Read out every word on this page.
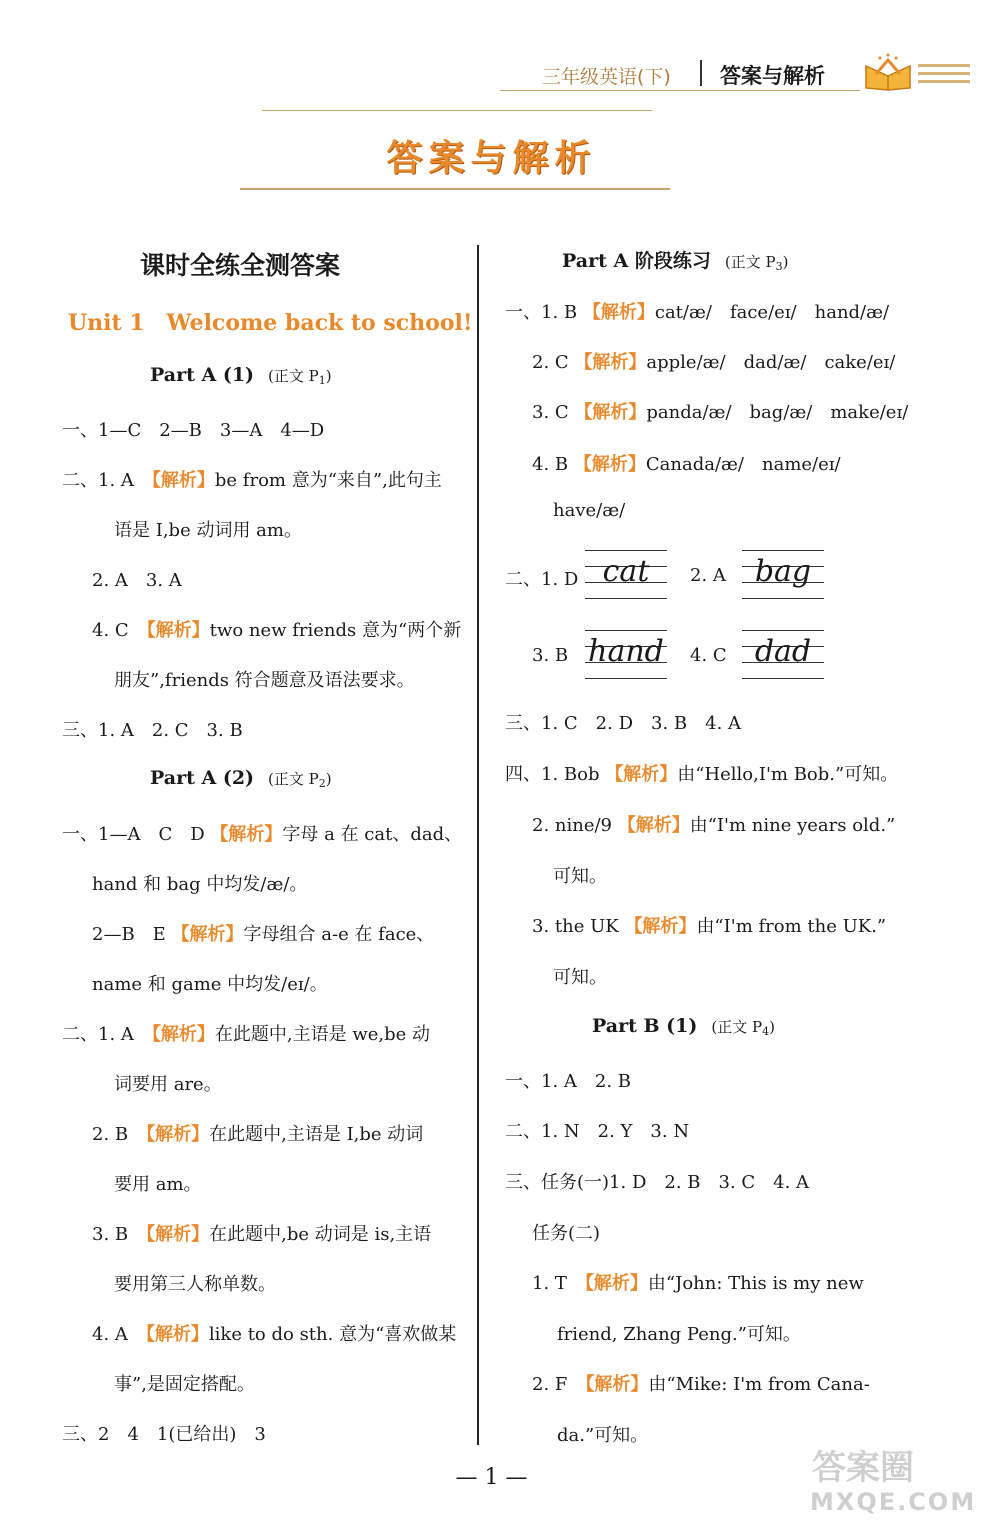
三年级英语(下) 答案与解析
答案与解析
课时全练全测答案
Unit 1　Welcome back to school!
Part A (1) (正文 $P_1$)
一、1—C　2—B　3—A　4—D
二、1. A　【解析】be from 意为“来自”,此句主
语是 I,be 动词用 am。
2. A　3. A
4. C　【解析】two new friends 意为“两个新
朋友”,friends 符合题意及语法要求。
三、1. A　2. C　3. B
Part A (2) (正文 $P_2$)
一、1—A　C　D 【解析】字母 a 在 cat、dad、
hand 和 bag 中均发/æ/。
2—B　E 【解析】字母组合 a-e 在 face、
name 和 game 中均发/eɪ/。
二、1. A　【解析】在此题中,主语是 we,be 动
词要用 are。
2. B　【解析】在此题中,主语是 I,be 动词
要用 am。
3. B　【解析】在此题中,be 动词是 is,主语
要用第三人称单数。
4. A　【解析】like to do sth. 意为“喜欢做某
事”,是固定搭配。
三、2　4　1(已给出)　3
Part A 阶段练习 (正文 $P_3$)
一、1. B 【解析】cat/æ/　face/eɪ/　hand/æ/
2. C 【解析】apple/æ/　dad/æ/　cake/eɪ/
3. C 【解析】panda/æ/　bag/æ/　make/eɪ/
4. B 【解析】Canada/æ/　name/eɪ/
have/æ/
二、1. D cat	2. A bag
3. B hand 4. C dad
三、1. C　2. D　3. B　4. A
四、1. Bob 【解析】由“Hello,I'm Bob.”可知。
2. nine/9 【解析】由“I'm nine years old.”
可知。
3. the UK 【解析】由“I'm from the UK.”
可知。
Part B (1) (正文 $P_4$)
一、1. A　2. B
二、1. N　2. Y　3. N
三、任务(一)1. D　2. B　3. C　4. A
任务(二)
1. T　【解析】由“John: This is my new
friend, Zhang Peng.”可知。
2. F　【解析】由“Mike: I'm from Cana-
da.”可知。
— 1 —	答案圈
MXQE.COM
